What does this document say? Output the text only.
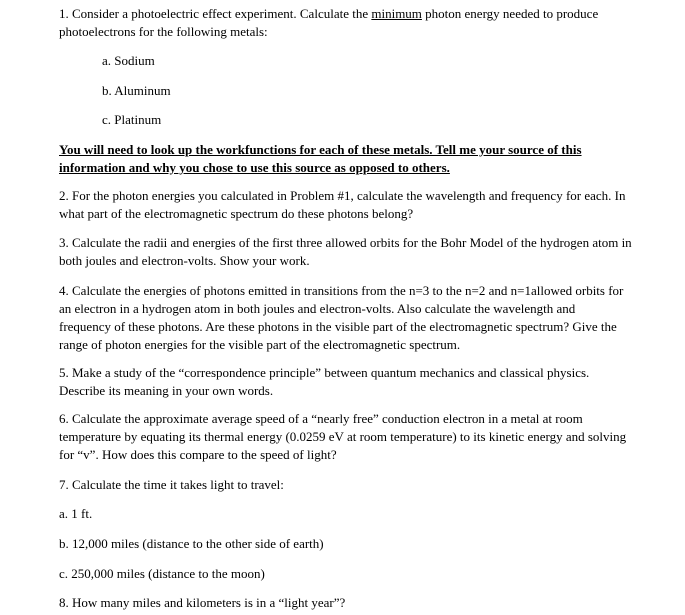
1. Consider a photoelectric effect experiment. Calculate the minimum photon energy needed to produce photoelectrons for the following metals:

a. Sodium

b. Aluminum

c. Platinum

You will need to look up the workfunctions for each of these metals. Tell me your source of this information and why you chose to use this source as opposed to others.

2. For the photon energies you calculated in Problem #1, calculate the wavelength and frequency for each. In what part of the electromagnetic spectrum do these photons belong?

3. Calculate the radii and energies of the first three allowed orbits for the Bohr Model of the hydrogen atom in both joules and electron-volts. Show your work.

4. Calculate the energies of photons emitted in transitions from the n=3 to the n=2 and n=1allowed orbits for an electron in a hydrogen atom in both joules and electron-volts. Also calculate the wavelength and frequency of these photons. Are these photons in the visible part of the electromagnetic spectrum? Give the range of photon energies for the visible part of the electromagnetic spectrum.

5. Make a study of the “correspondence principle” between quantum mechanics and classical physics. Describe its meaning in your own words.

6. Calculate the approximate average speed of a “nearly free” conduction electron in a metal at room temperature by equating its thermal energy (0.0259 eV at room temperature) to its kinetic energy and solving for “v”. How does this compare to the speed of light?

7. Calculate the time it takes light to travel:

a. 1 ft.

b. 12,000 miles (distance to the other side of earth)

c. 250,000 miles (distance to the moon)

8. How many miles and kilometers is in a “light year”?
